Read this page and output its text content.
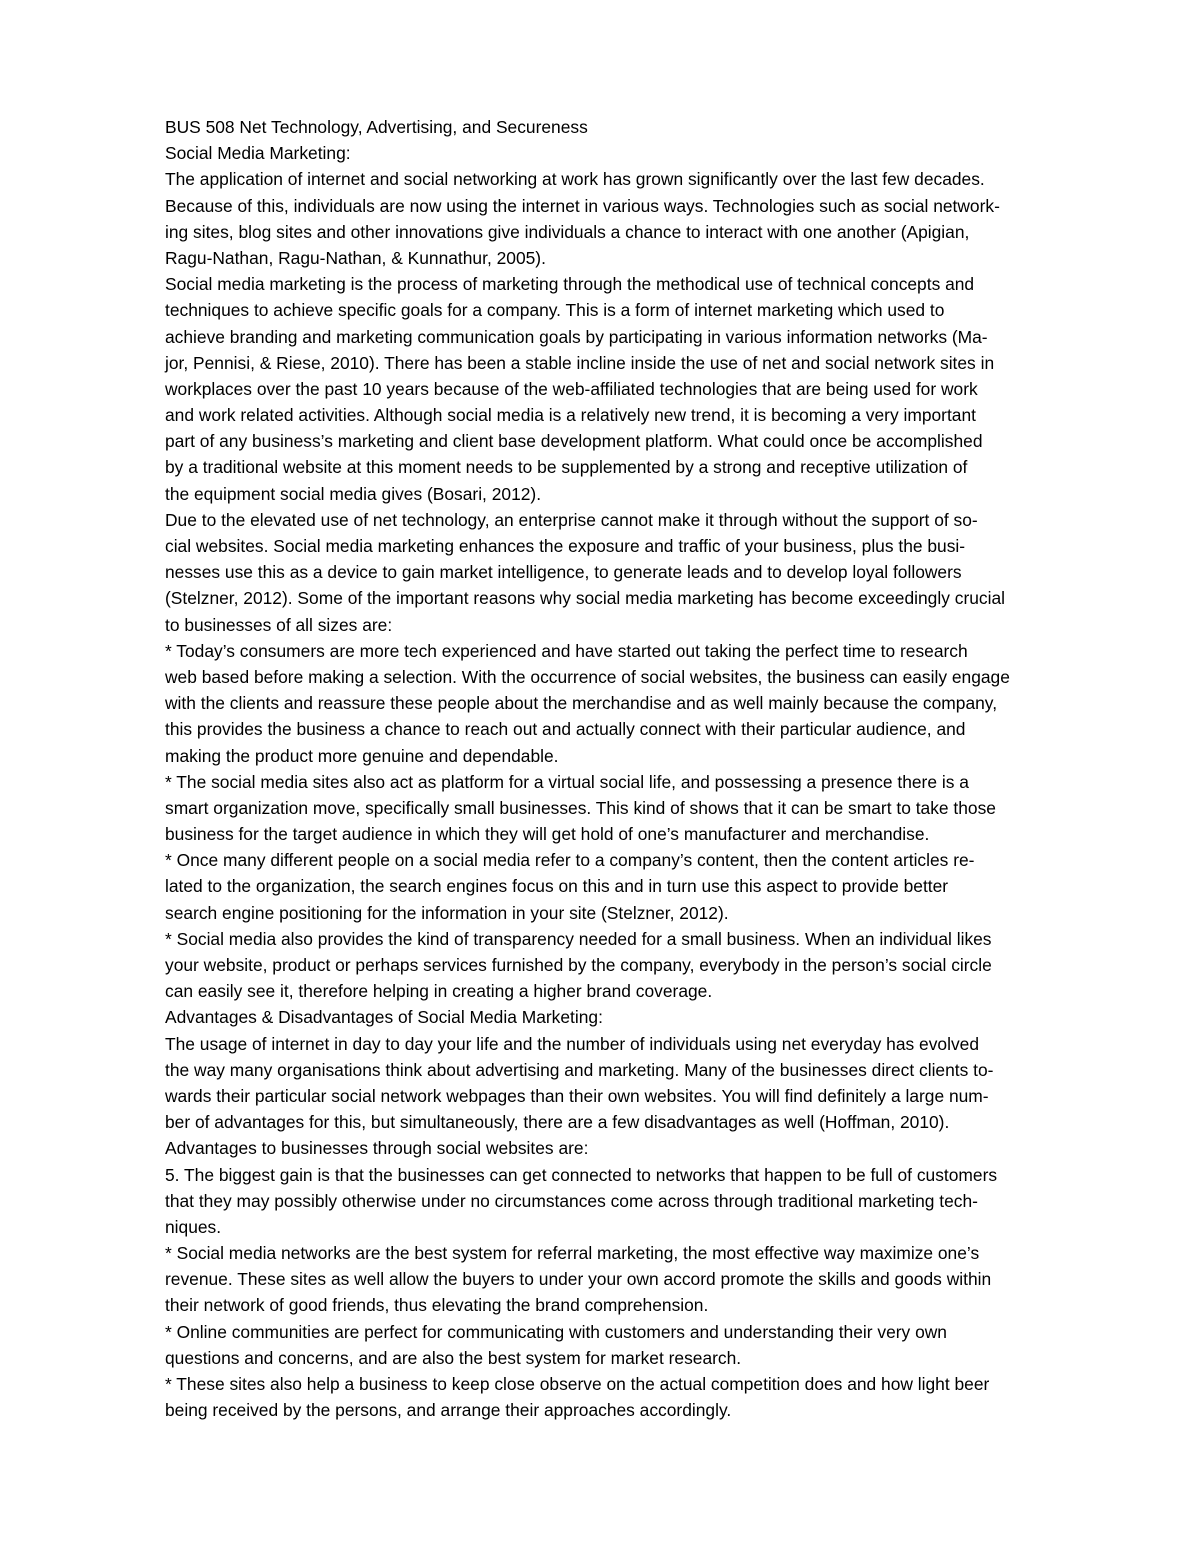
BUS 508 Net Technology, Advertising, and Secureness
Social Media Marketing:
The application of internet and social networking at work has grown significantly over the last few decades.
Because of this, individuals are now using the internet in various ways. Technologies such as social network-
ing sites, blog sites and other innovations give individuals a chance to interact with one another (Apigian,
Ragu-Nathan, Ragu-Nathan, & Kunnathur, 2005).
Social media marketing is the process of marketing through the methodical use of technical concepts and
techniques to achieve specific goals for a company. This is a form of internet marketing which used to
achieve branding and marketing communication goals by participating in various information networks (Ma-
jor, Pennisi, & Riese, 2010). There has been a stable incline inside the use of net and social network sites in
workplaces over the past 10 years because of the web-affiliated technologies that are being used for work
and work related activities. Although social media is a relatively new trend, it is becoming a very important
part of any business’s marketing and client base development platform. What could once be accomplished
by a traditional website at this moment needs to be supplemented by a strong and receptive utilization of
the equipment social media gives (Bosari, 2012).
Due to the elevated use of net technology, an enterprise cannot make it through without the support of so-
cial websites. Social media marketing enhances the exposure and traffic of your business, plus the busi-
nesses use this as a device to gain market intelligence, to generate leads and to develop loyal followers
(Stelzner, 2012). Some of the important reasons why social media marketing has become exceedingly crucial
to businesses of all sizes are:
* Today’s consumers are more tech experienced and have started out taking the perfect time to research
web based before making a selection. With the occurrence of social websites, the business can easily engage
with the clients and reassure these people about the merchandise and as well mainly because the company,
this provides the business a chance to reach out and actually connect with their particular audience, and
making the product more genuine and dependable.
* The social media sites also act as platform for a virtual social life, and possessing a presence there is a
smart organization move, specifically small businesses. This kind of shows that it can be smart to take those
business for the target audience in which they will get hold of one’s manufacturer and merchandise.
* Once many different people on a social media refer to a company’s content, then the content articles re-
lated to the organization, the search engines focus on this and in turn use this aspect to provide better
search engine positioning for the information in your site (Stelzner, 2012).
* Social media also provides the kind of transparency needed for a small business. When an individual likes
your website, product or perhaps services furnished by the company, everybody in the person’s social circle
can easily see it, therefore helping in creating a higher brand coverage.
Advantages & Disadvantages of Social Media Marketing:
The usage of internet in day to day your life and the number of individuals using net everyday has evolved
the way many organisations think about advertising and marketing. Many of the businesses direct clients to-
wards their particular social network webpages than their own websites. You will find definitely a large num-
ber of advantages for this, but simultaneously, there are a few disadvantages as well (Hoffman, 2010).
Advantages to businesses through social websites are:
5. The biggest gain is that the businesses can get connected to networks that happen to be full of customers
that they may possibly otherwise under no circumstances come across through traditional marketing tech-
niques.
* Social media networks are the best system for referral marketing, the most effective way maximize one’s
revenue. These sites as well allow the buyers to under your own accord promote the skills and goods within
their network of good friends, thus elevating the brand comprehension.
* Online communities are perfect for communicating with customers and understanding their very own
questions and concerns, and are also the best system for market research.
* These sites also help a business to keep close observe on the actual competition does and how light beer
being received by the persons, and arrange their approaches accordingly.
